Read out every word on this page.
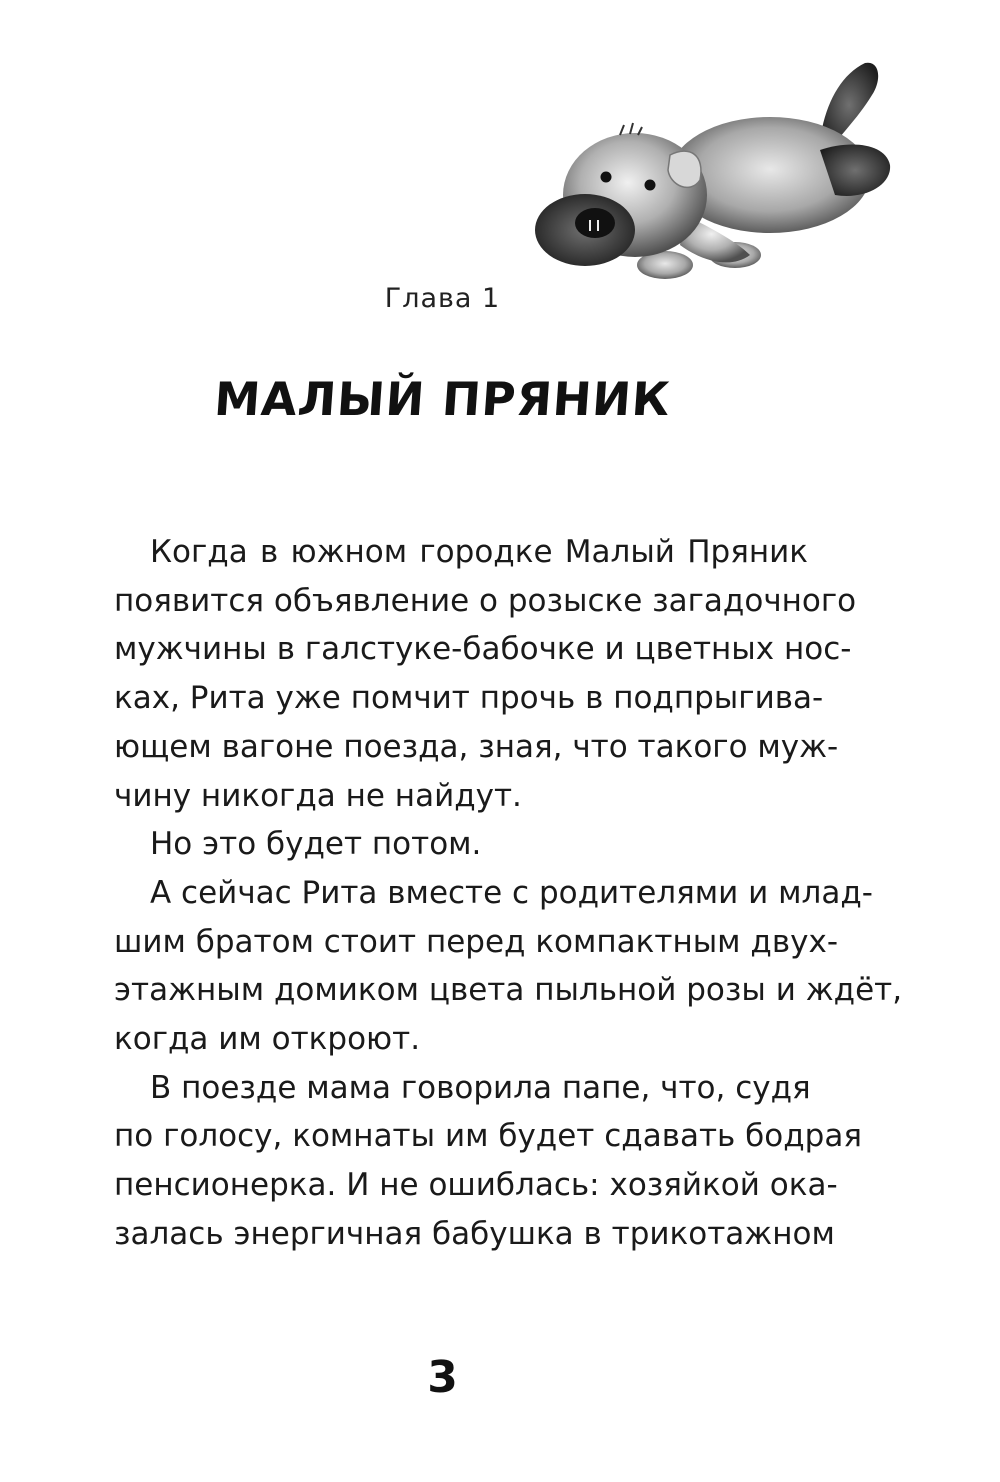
Глава 1
МАЛЫЙ ПРЯНИК
Когда в южном городке Малый Пряник
появится объявление о розыске загадочного
мужчины в галстуке-бабочке и цветных нос-
ках, Рита уже помчит прочь в подпрыгива-
ющем вагоне поезда, зная, что такого муж-
чину никогда не найдут.
Но это будет потом.
А сейчас Рита вместе с родителями и млад-
шим братом стоит перед компактным двух-
этажным домиком цвета пыльной розы и ждёт,
когда им откроют.
В поезде мама говорила папе, что, судя
по голосу, комнаты им будет сдавать бодрая
пенсионерка. И не ошиблась: хозяйкой ока-
залась энергичная бабушка в трикотажном
3
